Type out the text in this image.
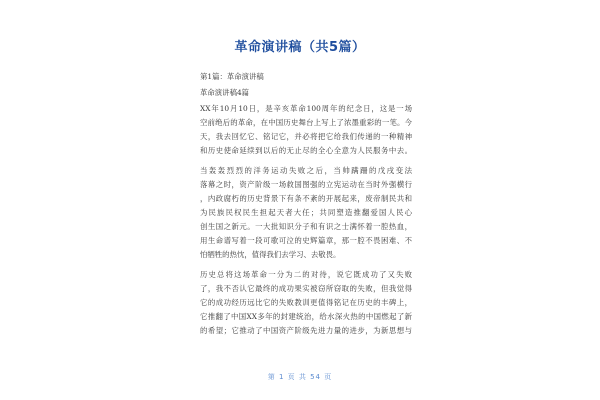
革命演讲稿（共5篇）
第1篇：革命演讲稿
革命演讲稿4篇
XX年10月10日，是辛亥革命100周年的纪念日，这是一场
空前绝后的革命，在中国历史舞台上写上了浓墨重彩的一笔。今
天，我去回忆它、铭记它，并必将把它给我们传递的一种精神
和历史使命延续到以后的无止尽的全心全意为人民服务中去。
当轰轰烈烈的洋务运动失败之后，当帅蹒跚的戊戌变法
落幕之时，资产阶级一场救国图强的立宪运动在当时外强横行
，内政腐朽的历史背景下有条不紊的开展起来，废帝制民共和
为民族民权民生担起天者大任；共同塑造推翻爱国人民心
创生国之新元。一大批知识分子和有识之士满怀着一腔热血，
用生命谱写着一段可歌可泣的史辉篇章，那一腔不畏困难、不
怕牺牲的热忱，值得我们去学习、去敬畏。
历史总将这场革命一分为二的对待，说它既成功了又失败
了，我不否认它最终的成功果实被窃所窃取的失败，但我觉得
它的成功经历远比它的失败教训更值得铭记在历史的丰碑上，
它推翻了中国XX多年的封建统治，给水深火热的中国燃起了新
的希望；它推动了中国资产阶级先进力量的进步，为新思想与
第 1 页 共 54 页
